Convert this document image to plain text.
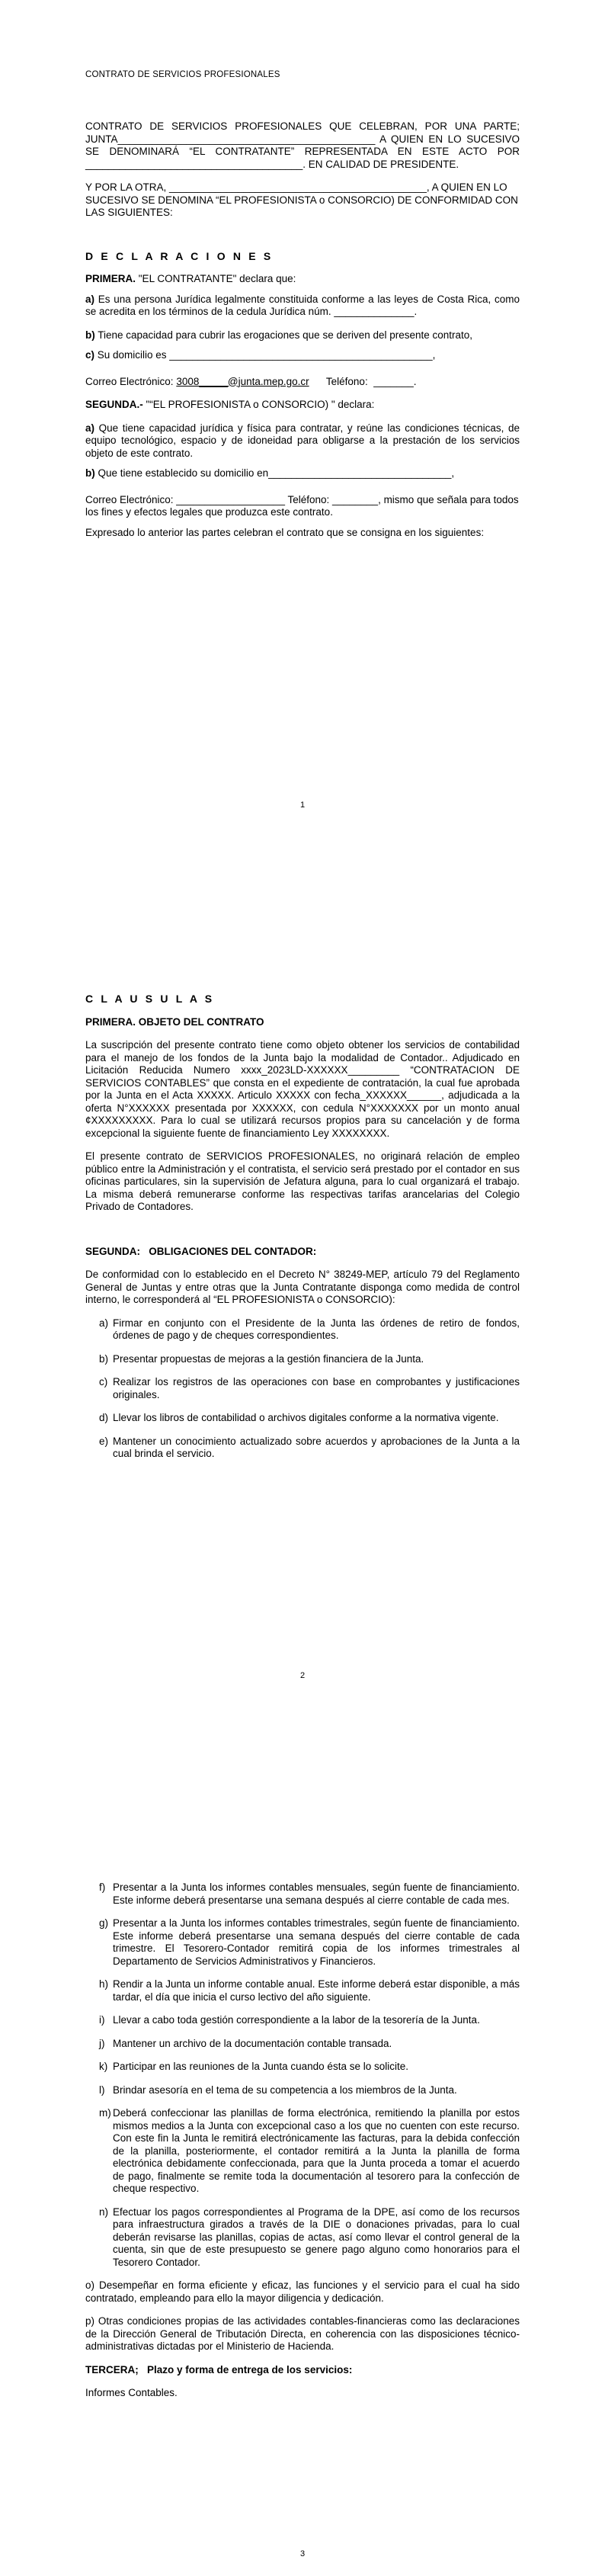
CONTRATO DE SERVICIOS PROFESIONALES

CONTRATO DE SERVICIOS PROFESIONALES QUE CELEBRAN, POR UNA PARTE; JUNTA_____________________________________________ A QUIEN EN LO SUCESIVO SE DENOMINARÁ “EL CONTRATANTE” REPRESENTADA EN ESTE ACTO POR ______________________________________. EN CALIDAD DE PRESIDENTE.

Y POR LA OTRA, _____________________________________________, A QUIEN EN LO SUCESIVO SE DENOMINA “EL PROFESIONISTA o CONSORCIO) DE CONFORMIDAD CON LAS SIGUIENTES:

D E C L A R A C I O N E S

PRIMERA. "EL CONTRATANTE" declara que:

a) Es una persona Jurídica legalmente constituida conforme a las leyes de Costa Rica, como se acredita en los términos de la cedula Jurídica núm. ______________.

b) Tiene capacidad para cubrir las erogaciones que se deriven del presente contrato,

c) Su domicilio es ______________________________________________,

Correo Electrónico: 3008_____@junta.mep.go.cr      Teléfono:  _______.

SEGUNDA.- "“EL PROFESIONISTA o CONSORCIO) " declara:

a) Que tiene capacidad jurídica y física para contratar, y reúne las condiciones técnicas, de equipo tecnológico, espacio y de idoneidad para obligarse a la prestación de los servicios objeto de este contrato.

b) Que tiene establecido su domicilio en________________________________,

Correo Electrónico: ___________________ Teléfono: ________, mismo que señala para todos los fines y efectos legales que produzca este contrato.

Expresado lo anterior las partes celebran el contrato que se consigna en los siguientes:

1

C L A U S U L A S

PRIMERA. OBJETO DEL CONTRATO

La suscripción del presente contrato tiene como objeto obtener los servicios de contabilidad para el manejo de los fondos de la Junta bajo la modalidad de Contador.. Adjudicado en Licitación Reducida Numero xxxx_2023LD-XXXXXX_________ “CONTRATACION DE SERVICIOS CONTABLES” que consta en el expediente de contratación, la cual fue aprobada por la Junta en el Acta XXXXX. Articulo XXXXX con fecha_XXXXXX______, adjudicada a la oferta N°XXXXXX presentada por XXXXXX, con cedula N°XXXXXXX por un monto anual ¢XXXXXXXXX. Para lo cual se utilizará recursos propios para su cancelación y de forma excepcional la siguiente fuente de financiamiento Ley XXXXXXXX.

El presente contrato de SERVICIOS PROFESIONALES, no originará relación de empleo público entre la Administración y el contratista, el servicio será prestado por el contador en sus oficinas particulares, sin la supervisión de Jefatura alguna, para lo cual organizará el trabajo. La misma deberá remunerarse conforme las respectivas tarifas arancelarias del Colegio Privado de Contadores.

SEGUNDA:   OBLIGACIONES DEL CONTADOR:

De conformidad con lo establecido en el Decreto N° 38249-MEP, artículo 79 del Reglamento General de Juntas y entre otras que la Junta Contratante disponga como medida de control interno, le corresponderá al “EL PROFESIONISTA o CONSORCIO):

a) Firmar en conjunto con el Presidente de la Junta las órdenes de retiro de fondos, órdenes de pago y de cheques correspondientes.
b) Presentar propuestas de mejoras a la gestión financiera de la Junta.
c) Realizar los registros de las operaciones con base en comprobantes y justificaciones originales.
d) Llevar los libros de contabilidad o archivos digitales conforme a la normativa vigente.
e) Mantener un conocimiento actualizado sobre acuerdos y aprobaciones de la Junta a la cual brinda el servicio.
2
f) Presentar a la Junta los informes contables mensuales, según fuente de financiamiento. Este informe deberá presentarse una semana después al cierre contable de cada mes.
g) Presentar a la Junta los informes contables trimestrales, según fuente de financiamiento. Este informe deberá presentarse una semana después del cierre contable de cada trimestre. El Tesorero-Contador remitirá copia de los informes trimestrales al Departamento de Servicios Administrativos y Financieros.
h) Rendir a la Junta un informe contable anual. Este informe deberá estar disponible, a más tardar, el día que inicia el curso lectivo del año siguiente.
i) Llevar a cabo toda gestión correspondiente a la labor de la tesorería de la Junta.
j) Mantener un archivo de la documentación contable transada.
k) Participar en las reuniones de la Junta cuando ésta se lo solicite.
l) Brindar asesoría en el tema de su competencia a los miembros de la Junta.
m) Deberá confeccionar las planillas de forma electrónica, remitiendo la planilla por estos mismos medios a la Junta con excepcional caso a los que no cuenten con este recurso. Con este fin la Junta le remitirá electrónicamente las facturas, para la debida confección de la planilla, posteriormente, el contador remitirá a la Junta la planilla de forma electrónica debidamente confeccionada, para que la Junta proceda a tomar el acuerdo de pago, finalmente se remite toda la documentación al tesorero para la confección de cheque respectivo.
n) Efectuar los pagos correspondientes al Programa de la DPE, así como de los recursos para infraestructura girados a través de la DIE o donaciones privadas, para lo cual deberán revisarse las planillas, copias de actas, así como llevar el control general de la cuenta, sin que de este presupuesto se genere pago alguno como honorarios para el Tesorero Contador.

o) Desempeñar en forma eficiente y eficaz, las funciones y el servicio para el cual ha sido contratado, empleando para ello la mayor diligencia y dedicación.

p) Otras condiciones propias de las actividades contables-financieras como las declaraciones de la Dirección General de Tributación Directa, en coherencia con las disposiciones técnico-administrativas dictadas por el Ministerio de Hacienda.

TERCERA;   Plazo y forma de entrega de los servicios:

Informes Contables.

3
